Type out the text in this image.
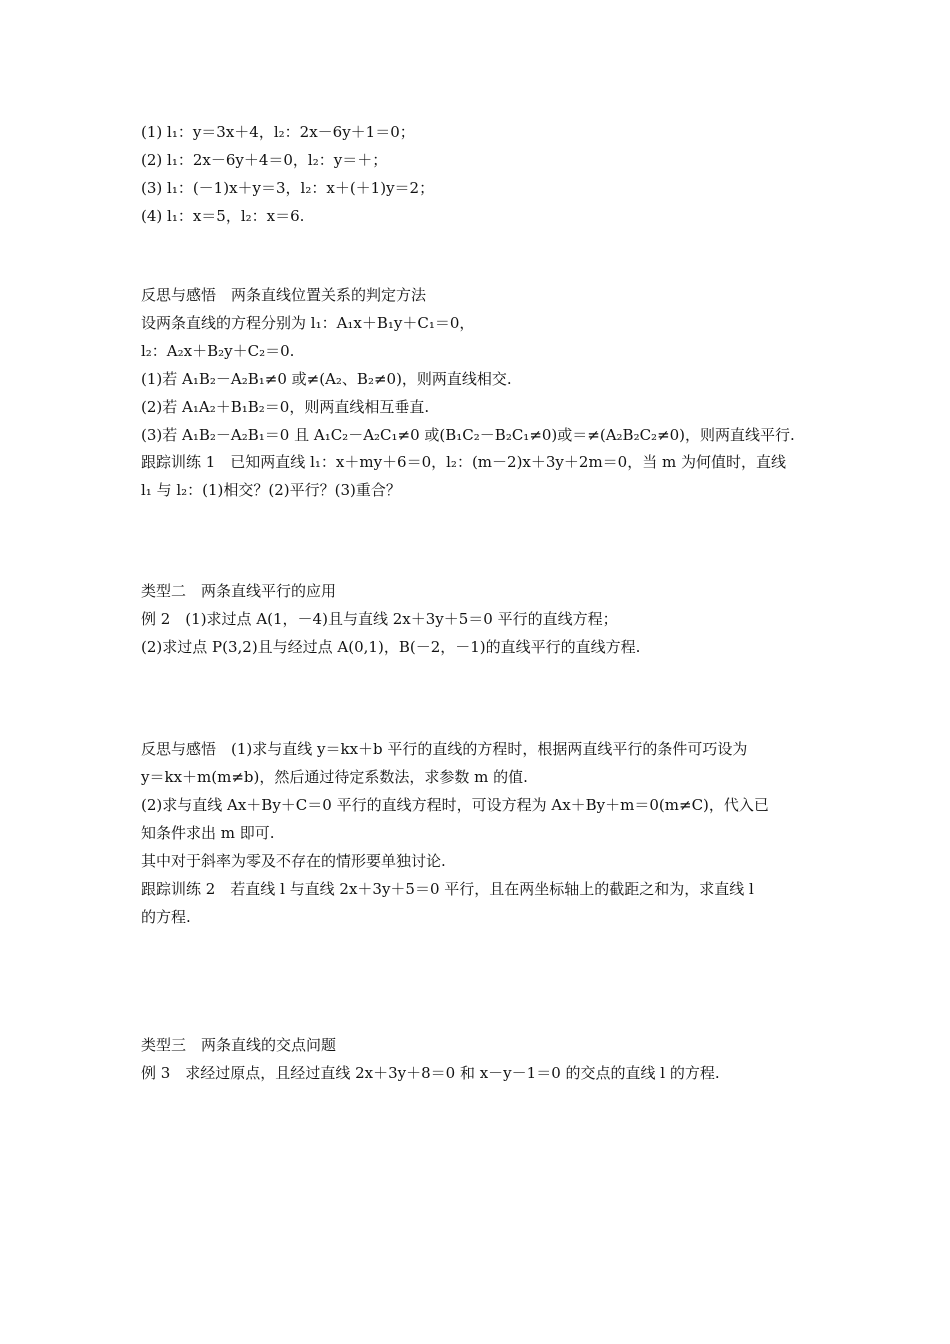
(1) l₁：y＝3x＋4，l₂：2x－6y＋1＝0；
(2) l₁：2x－6y＋4＝0，l₂：y＝＋；
(3) l₁：(－1)x＋y＝3，l₂：x＋(＋1)y＝2；
(4) l₁：x＝5，l₂：x＝6.
反思与感悟　两条直线位置关系的判定方法
设两条直线的方程分别为 l₁：A₁x＋B₁y＋C₁＝0，
l₂：A₂x＋B₂y＋C₂＝0.
(1)若 A₁B₂－A₂B₁≠0 或≠(A₂、B₂≠0)，则两直线相交.
(2)若 A₁A₂＋B₁B₂＝0，则两直线相互垂直.
(3)若 A₁B₂－A₂B₁＝0 且 A₁C₂－A₂C₁≠0 或(B₁C₂－B₂C₁≠0)或＝≠(A₂B₂C₂≠0)，则两直线平行.
跟踪训练 1　已知两直线 l₁：x＋my＋6＝0，l₂：(m－2)x＋3y＋2m＝0，当 m 为何值时，直线
l₁ 与 l₂：(1)相交？(2)平行？(3)重合？
类型二　两条直线平行的应用
例 2　(1)求过点 A(1，－4)且与直线 2x＋3y＋5＝0 平行的直线方程；
(2)求过点 P(3,2)且与经过点 A(0,1)，B(－2，－1)的直线平行的直线方程.
反思与感悟　(1)求与直线 y＝kx＋b 平行的直线的方程时，根据两直线平行的条件可巧设为
y＝kx＋m(m≠b)，然后通过待定系数法，求参数 m 的值.
(2)求与直线 Ax＋By＋C＝0 平行的直线方程时，可设方程为 Ax＋By＋m＝0(m≠C)，代入已
知条件求出 m 即可.
其中对于斜率为零及不存在的情形要单独讨论.
跟踪训练 2　若直线 l 与直线 2x＋3y＋5＝0 平行，且在两坐标轴上的截距之和为，求直线 l
的方程.
类型三　两条直线的交点问题
例 3　求经过原点，且经过直线 2x＋3y＋8＝0 和 x－y－1＝0 的交点的直线 l 的方程.
